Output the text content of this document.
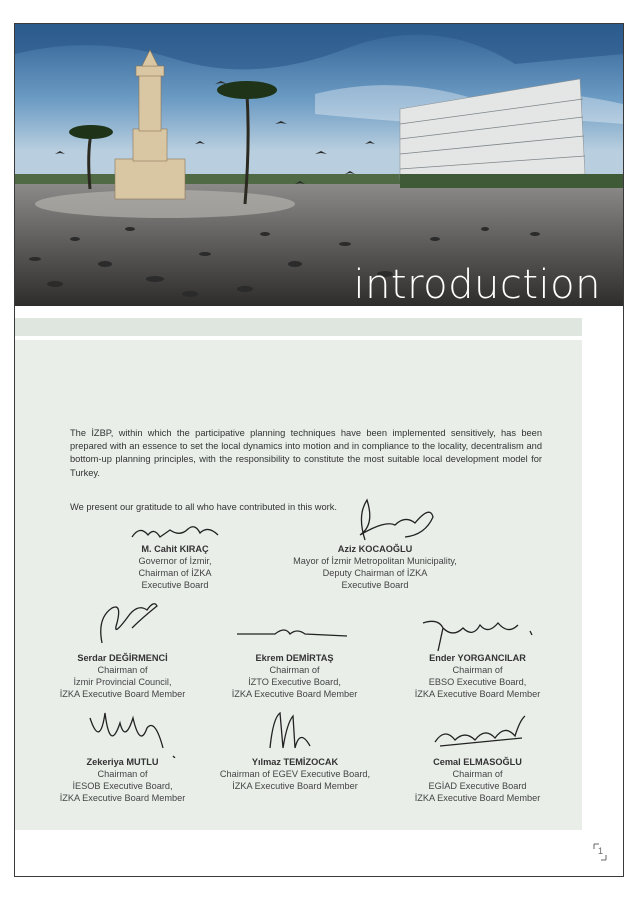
introduction
The İZBP, within which the participative planning techniques have been implemented sensitively, has been prepared with an essence to set the local dynamics into motion and in compliance to the locality, decentralism and bottom-up planning principles, with the responsibility to constitute the most suitable local development model for Turkey.
We present our gratitude to all who have contributed in this work.
M. Cahit KIRAÇ
Governor of İzmir,
Chairman of İZKA
Executive Board
Aziz KOCAOĞLU
Mayor of İzmir Metropolitan Municipality,
Deputy Chairman of İZKA
Executive Board
Serdar DEĞİRMENCİ
Chairman of
İzmir Provincial Council,
İZKA Executive Board Member
Ekrem DEMİRTAŞ
Chairman of
İZTO Executive Board,
İZKA Executive Board Member
Ender YORGANCILAR
Chairman of
EBSO Executive Board,
İZKA Executive Board Member
Zekeriya MUTLU
Chairman of
İESOB Executive Board,
İZKA Executive Board Member
Yılmaz TEMİZOCAK
Chairman of EGEV Executive Board,
İZKA Executive Board Member
Cemal ELMASOĞLU
Chairman of
EGİAD Executive Board
İZKA Executive Board Member
1
